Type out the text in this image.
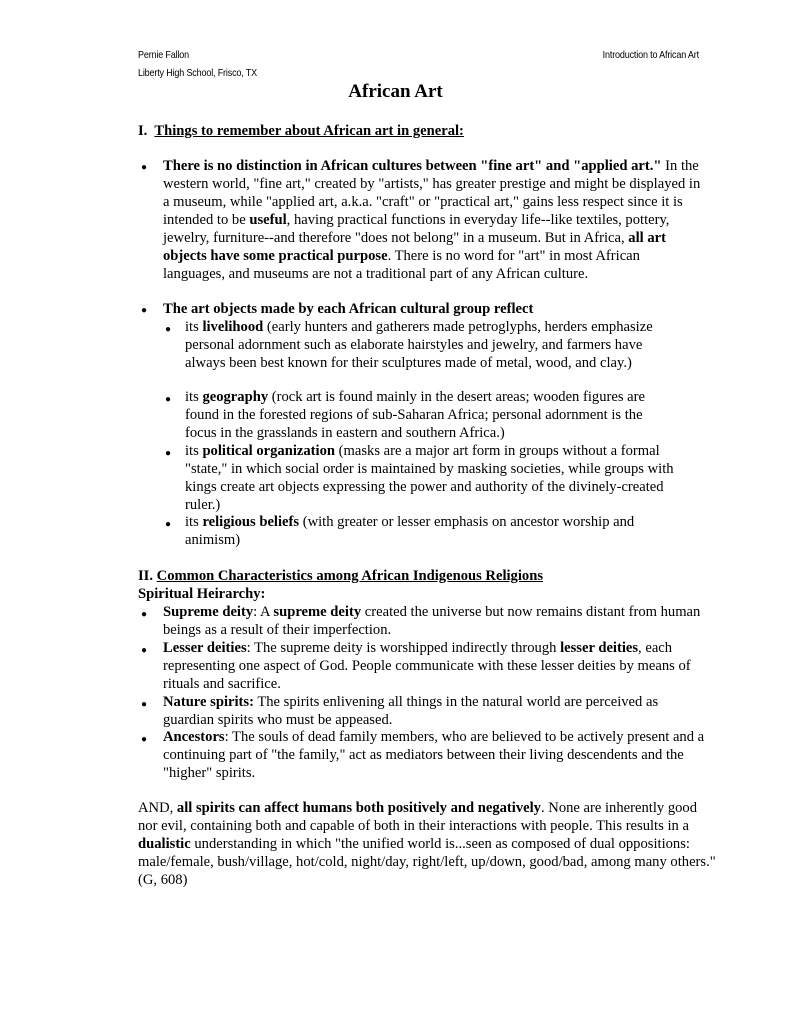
Pernie Fallon
Liberty High School, Frisco, TX
Introduction to African Art
African Art
I. Things to remember about African art in general:
● There is no distinction in African cultures between "fine art" and "applied art." In the western world, "fine art," created by "artists," has greater prestige and might be displayed in a museum, while "applied art, a.k.a. "craft" or "practical art," gains less respect since it is intended to be useful, having practical functions in everyday life--like textiles, pottery, jewelry, furniture--and therefore "does not belong" in a museum. But in Africa, all art objects have some practical purpose. There is no word for "art" in most African languages, and museums are not a traditional part of any African culture.
● The art objects made by each African cultural group reflect
● its livelihood (early hunters and gatherers made petroglyphs, herders emphasize personal adornment such as elaborate hairstyles and jewelry, and farmers have always been best known for their sculptures made of metal, wood, and clay.)
● its geography (rock art is found mainly in the desert areas; wooden figures are found in the forested regions of sub-Saharan Africa; personal adornment is the focus in the grasslands in eastern and southern Africa.)
● its political organization (masks are a major art form in groups without a formal "state," in which social order is maintained by masking societies, while groups with kings create art objects expressing the power and authority of the divinely-created ruler.)
● its religious beliefs (with greater or lesser emphasis on ancestor worship and animism)
II. Common Characteristics among African Indigenous Religions
Spiritual Heirarchy:
● Supreme deity: A supreme deity created the universe but now remains distant from human beings as a result of their imperfection.
● Lesser deities: The supreme deity is worshipped indirectly through lesser deities, each representing one aspect of God. People communicate with these lesser deities by means of rituals and sacrifice.
● Nature spirits: The spirits enlivening all things in the natural world are perceived as guardian spirits who must be appeased.
● Ancestors: The souls of dead family members, who are believed to be actively present and a continuing part of "the family," act as mediators between their living descendents and the "higher" spirits.
AND, all spirits can affect humans both positively and negatively. None are inherently good nor evil, containing both and capable of both in their interactions with people. This results in a dualistic understanding in which "the unified world is...seen as composed of dual oppositions: male/female, bush/village, hot/cold, night/day, right/left, up/down, good/bad, among many others." (G, 608)
